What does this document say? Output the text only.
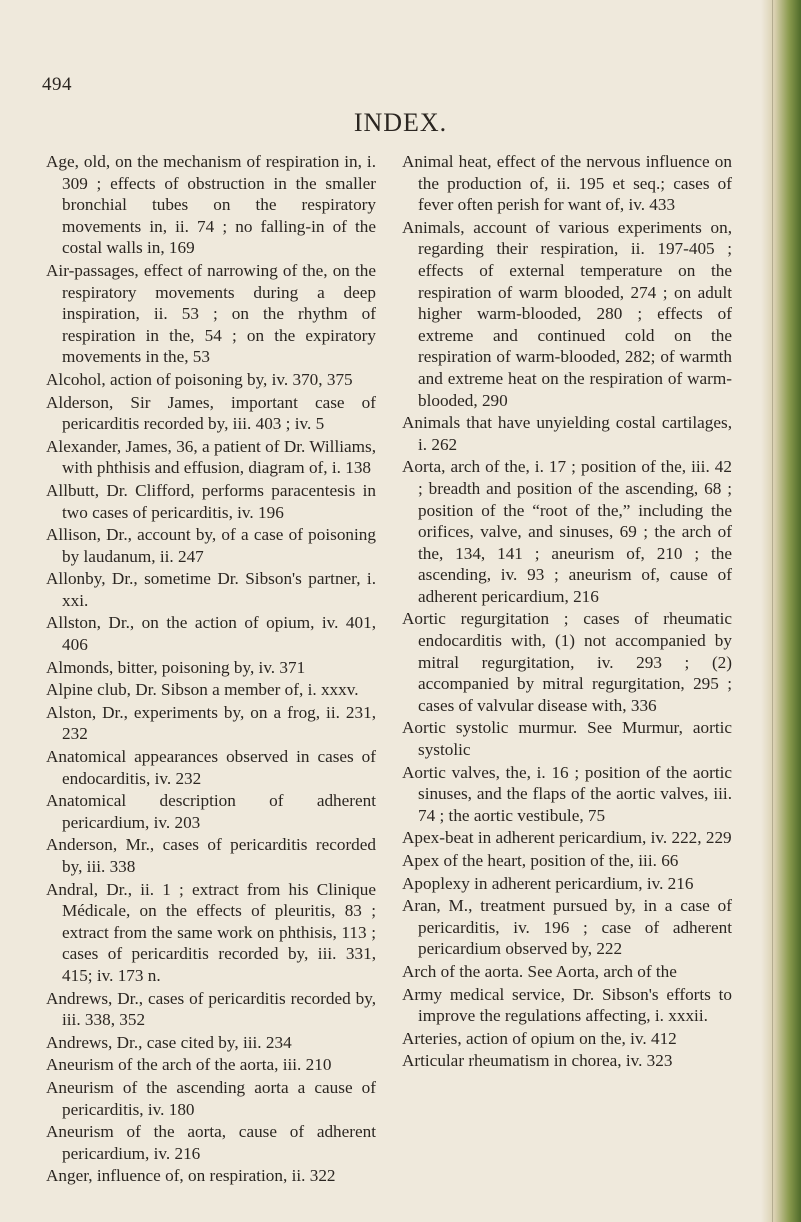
494
INDEX.

Age, old, on the mechanism of respiration in, i. 309 ; effects of obstruction in the smaller bronchial tubes on the respiratory movements in, ii. 74 ; no falling-in of the costal walls in, 169

Air-passages, effect of narrowing of the, on the respiratory movements during a deep inspiration, ii. 53 ; on the rhythm of respiration in the, 54 ; on the expiratory movements in the, 53

Alcohol, action of poisoning by, iv. 370, 375

Alderson, Sir James, important case of pericarditis recorded by, iii. 403 ; iv. 5

Alexander, James, 36, a patient of Dr. Williams, with phthisis and effusion, diagram of, i. 138

Allbutt, Dr. Clifford, performs paracentesis in two cases of pericarditis, iv. 196

Allison, Dr., account by, of a case of poisoning by laudanum, ii. 247

Allonby, Dr., sometime Dr. Sibson's partner, i. xxi.

Allston, Dr., on the action of opium, iv. 401, 406

Almonds, bitter, poisoning by, iv. 371

Alpine club, Dr. Sibson a member of, i. xxxv.

Alston, Dr., experiments by, on a frog, ii. 231, 232

Anatomical appearances observed in cases of endocarditis, iv. 232

Anatomical description of adherent pericardium, iv. 203

Anderson, Mr., cases of pericarditis recorded by, iii. 338

Andral, Dr., ii. 1 ; extract from his Clinique Médicale, on the effects of pleuritis, 83 ; extract from the same work on phthisis, 113 ; cases of pericarditis recorded by, iii. 331, 415; iv. 173 n.

Andrews, Dr., cases of pericarditis recorded by, iii. 338, 352

Andrews, Dr., case cited by, iii. 234

Aneurism of the arch of the aorta, iii. 210

Aneurism of the ascending aorta a cause of pericarditis, iv. 180

Aneurism of the aorta, cause of adherent pericardium, iv. 216

Anger, influence of, on respiration, ii. 322

Animal heat, effect of the nervous influence on the production of, ii. 195 et seq.; cases of fever often perish for want of, iv. 433

Animals, account of various experiments on, regarding their respiration, ii. 197-405 ; effects of external temperature on the respiration of warm blooded, 274 ; on adult higher warm-blooded, 280 ; effects of extreme and continued cold on the respiration of warm-blooded, 282; of warmth and extreme heat on the respiration of warm-blooded, 290

Animals that have unyielding costal cartilages, i. 262

Aorta, arch of the, i. 17 ; position of the, iii. 42 ; breadth and position of the ascending, 68 ; position of the “root of the,” including the orifices, valve, and sinuses, 69 ; the arch of the, 134, 141 ; aneurism of, 210 ; the ascending, iv. 93 ; aneurism of, cause of adherent pericardium, 216

Aortic regurgitation ; cases of rheumatic endocarditis with, (1) not accompanied by mitral regurgitation, iv. 293 ; (2) accompanied by mitral regurgitation, 295 ; cases of valvular disease with, 336

Aortic systolic murmur. See Murmur, aortic systolic

Aortic valves, the, i. 16 ; position of the aortic sinuses, and the flaps of the aortic valves, iii. 74 ; the aortic vestibule, 75

Apex-beat in adherent pericardium, iv. 222, 229

Apex of the heart, position of the, iii. 66

Apoplexy in adherent pericardium, iv. 216

Aran, M., treatment pursued by, in a case of pericarditis, iv. 196 ; case of adherent pericardium observed by, 222

Arch of the aorta. See Aorta, arch of the

Army medical service, Dr. Sibson's efforts to improve the regulations affecting, i. xxxii.

Arteries, action of opium on the, iv. 412

Articular rheumatism in chorea, iv. 323
